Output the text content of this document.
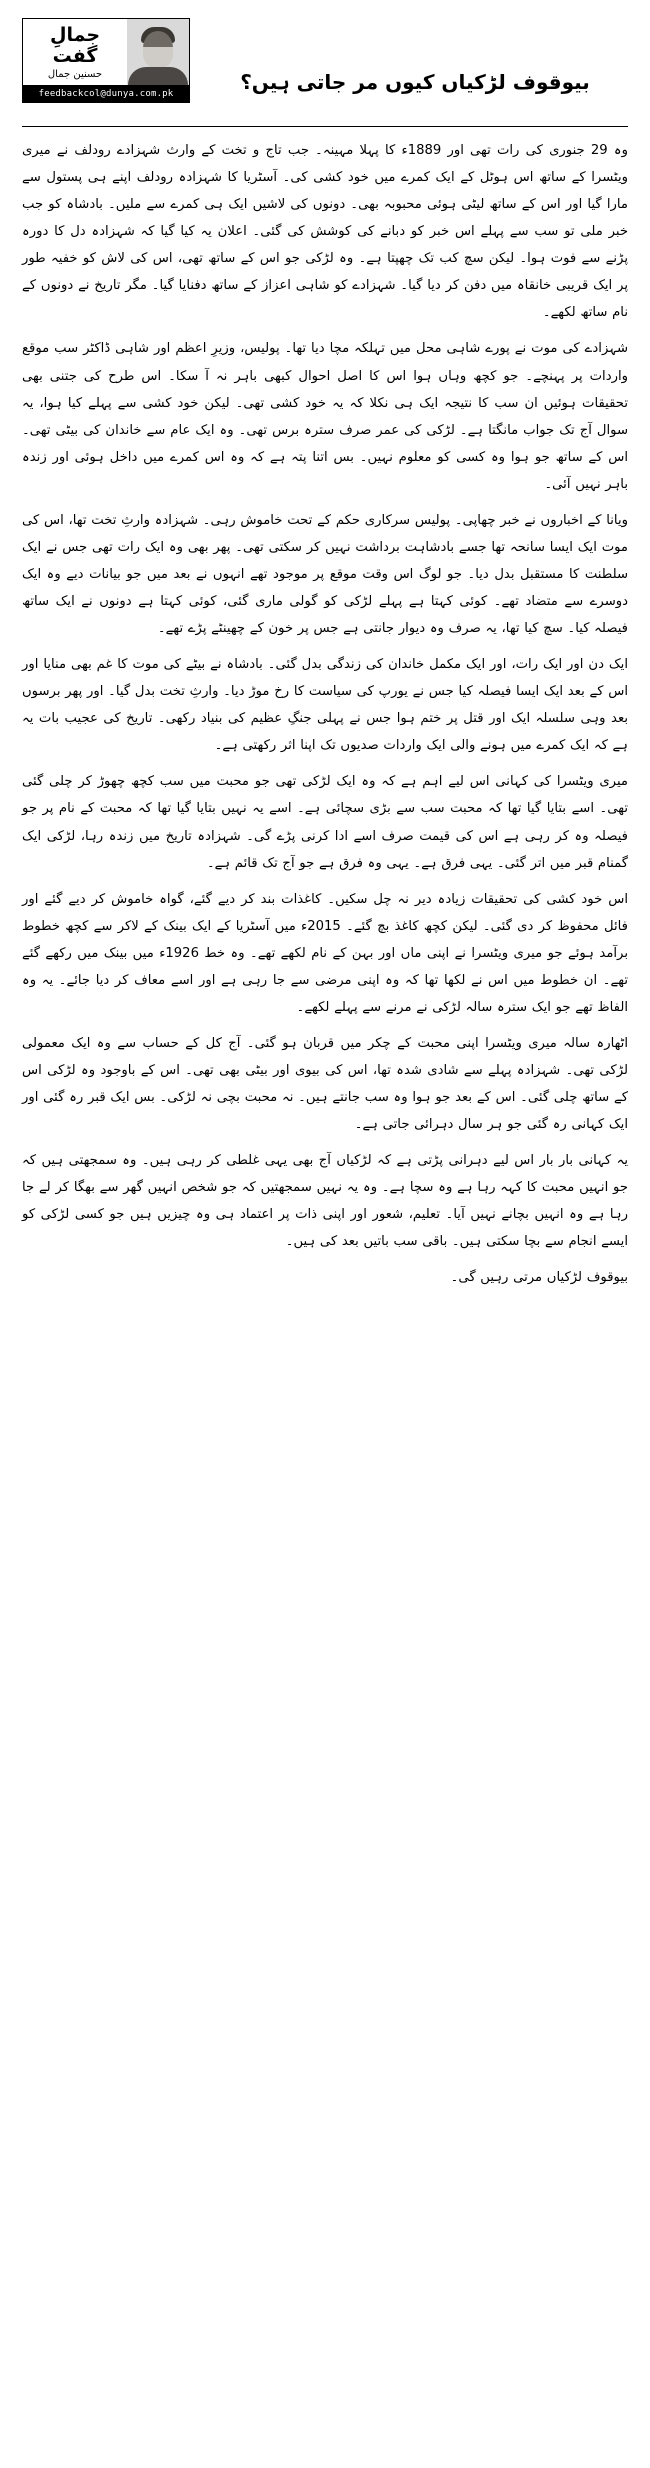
بیوقوف لڑکیاں کیوں مر جاتی ہیں؟
جمالِ گفت
حسنین جمال
feedbackcol@dunya.com.pk

وہ 29 جنوری کی رات تھی اور 1889ء کا پہلا مہینہ۔ جب تاج و تخت کے وارث شہزادے رودلف نے میری ویٹسرا کے ساتھ اس ہوٹل کے ایک کمرے میں خود کشی کی۔ آسٹریا کا شہزادہ رودلف اپنے ہی پستول سے مارا گیا اور اس کے ساتھ لیٹی ہوئی محبوبہ بھی۔ دونوں کی لاشیں ایک ہی کمرے سے ملیں۔ بادشاہ کو جب خبر ملی تو سب سے پہلے اس خبر کو دبانے کی کوشش کی گئی۔ اعلان یہ کیا گیا کہ شہزادہ دل کا دورہ پڑنے سے فوت ہوا۔ لیکن سچ کب تک چھپتا ہے۔ وہ لڑکی جو اس کے ساتھ تھی، اس کی لاش کو خفیہ طور پر ایک قریبی خانقاہ میں دفن کر دیا گیا۔ شہزادے کو شاہی اعزاز کے ساتھ دفنایا گیا۔ مگر تاریخ نے دونوں کے نام ساتھ لکھے۔

شہزادے کی موت نے پورے شاہی محل میں تہلکہ مچا دیا تھا۔ پولیس، وزیرِ اعظم اور شاہی ڈاکٹر سب موقع واردات پر پہنچے۔ جو کچھ وہاں ہوا اس کا اصل احوال کبھی باہر نہ آ سکا۔ اس طرح کی جتنی بھی تحقیقات ہوئیں ان سب کا نتیجہ ایک ہی نکلا کہ یہ خود کشی تھی۔ لیکن خود کشی سے پہلے کیا ہوا، یہ سوال آج تک جواب مانگتا ہے۔ لڑکی کی عمر صرف سترہ برس تھی۔ وہ ایک عام سے خاندان کی بیٹی تھی۔ اس کے ساتھ جو ہوا وہ کسی کو معلوم نہیں۔ بس اتنا پتہ ہے کہ وہ اس کمرے میں داخل ہوئی اور زندہ باہر نہیں آئی۔

ویانا کے اخباروں نے خبر چھاپی۔ پولیس سرکاری حکم کے تحت خاموش رہی۔ شہزادہ وارثِ تخت تھا، اس کی موت ایک ایسا سانحہ تھا جسے بادشاہت برداشت نہیں کر سکتی تھی۔ پھر بھی وہ ایک رات تھی جس نے ایک سلطنت کا مستقبل بدل دیا۔ جو لوگ اس وقت موقع پر موجود تھے انہوں نے بعد میں جو بیانات دیے وہ ایک دوسرے سے متضاد تھے۔ کوئی کہتا ہے پہلے لڑکی کو گولی ماری گئی، کوئی کہتا ہے دونوں نے ایک ساتھ فیصلہ کیا۔ سچ کیا تھا، یہ صرف وہ دیوار جانتی ہے جس پر خون کے چھینٹے پڑے تھے۔

ایک دن اور ایک رات، اور ایک مکمل خاندان کی زندگی بدل گئی۔ بادشاہ نے بیٹے کی موت کا غم بھی منایا اور اس کے بعد ایک ایسا فیصلہ کیا جس نے یورپ کی سیاست کا رخ موڑ دیا۔ وارثِ تخت بدل گیا۔ اور پھر برسوں بعد وہی سلسلہ ایک اور قتل پر ختم ہوا جس نے پہلی جنگِ عظیم کی بنیاد رکھی۔ تاریخ کی عجیب بات یہ ہے کہ ایک کمرے میں ہونے والی ایک واردات صدیوں تک اپنا اثر رکھتی ہے۔

میری ویٹسرا کی کہانی اس لیے اہم ہے کہ وہ ایک لڑکی تھی جو محبت میں سب کچھ چھوڑ کر چلی گئی تھی۔ اسے بتایا گیا تھا کہ محبت سب سے بڑی سچائی ہے۔ اسے یہ نہیں بتایا گیا تھا کہ محبت کے نام پر جو فیصلہ وہ کر رہی ہے اس کی قیمت صرف اسے ادا کرنی پڑے گی۔ شہزادہ تاریخ میں زندہ رہا، لڑکی ایک گمنام قبر میں اتر گئی۔ یہی فرق ہے۔ یہی وہ فرق ہے جو آج تک قائم ہے۔

اس خود کشی کی تحقیقات زیادہ دیر نہ چل سکیں۔ کاغذات بند کر دیے گئے، گواہ خاموش کر دیے گئے اور فائل محفوظ کر دی گئی۔ لیکن کچھ کاغذ بچ گئے۔ 2015ء میں آسٹریا کے ایک بینک کے لاکر سے کچھ خطوط برآمد ہوئے جو میری ویٹسرا نے اپنی ماں اور بہن کے نام لکھے تھے۔ وہ خط 1926ء میں بینک میں رکھے گئے تھے۔ ان خطوط میں اس نے لکھا تھا کہ وہ اپنی مرضی سے جا رہی ہے اور اسے معاف کر دیا جائے۔ یہ وہ الفاظ تھے جو ایک سترہ سالہ لڑکی نے مرنے سے پہلے لکھے۔

اٹھارہ سالہ میری ویٹسرا اپنی محبت کے چکر میں قربان ہو گئی۔ آج کل کے حساب سے وہ ایک معمولی لڑکی تھی۔ شہزادہ پہلے سے شادی شدہ تھا، اس کی بیوی اور بیٹی بھی تھی۔ اس کے باوجود وہ لڑکی اس کے ساتھ چلی گئی۔ اس کے بعد جو ہوا وہ سب جانتے ہیں۔ نہ محبت بچی نہ لڑکی۔ بس ایک قبر رہ گئی اور ایک کہانی رہ گئی جو ہر سال دہرائی جاتی ہے۔

یہ کہانی بار بار اس لیے دہرانی پڑتی ہے کہ لڑکیاں آج بھی یہی غلطی کر رہی ہیں۔ وہ سمجھتی ہیں کہ جو انہیں محبت کا کہہ رہا ہے وہ سچا ہے۔ وہ یہ نہیں سمجھتیں کہ جو شخص انہیں گھر سے بھگا کر لے جا رہا ہے وہ انہیں بچانے نہیں آیا۔ تعلیم، شعور اور اپنی ذات پر اعتماد ہی وہ چیزیں ہیں جو کسی لڑکی کو ایسے انجام سے بچا سکتی ہیں۔ باقی سب باتیں بعد کی ہیں۔

بیوقوف لڑکیاں مرتی رہیں گی۔
